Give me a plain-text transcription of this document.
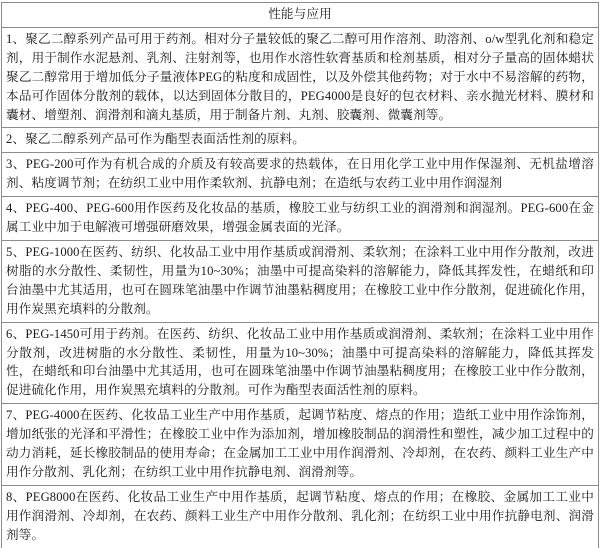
性能与应用
1、聚乙二醇系列产品可用于药剂。相对分子量较低的聚乙二醇可用作溶剂、助溶剂、o/w型乳化剂和稳定剂，用于制作水泥悬剂、乳剂、注射剂等，也用作水溶性软膏基质和栓剂基质，相对分子量高的固体蜡状聚乙二醇常用于增加低分子量液体PEG的粘度和成固性，以及外偿其他药物；对于水中不易溶解的药物，本品可作固体分散剂的载体，以达到固体分散目的，PEG4000是良好的包衣材料、亲水抛光材料、膜材和囊材、增塑剂、润滑剂和滴丸基质，用于制备片剂、丸剂、胶囊剂、微囊剂等。
2、聚乙二醇系列产品可作为酯型表面活性剂的原料。
3、PEG-200可作为有机合成的介质及有较高要求的热载体，在日用化学工业中用作保湿剂、无机盐增溶剂、粘度调节剂；在纺织工业中用作柔软剂、抗静电剂；在造纸与农药工业中用作润湿剂
4、PEG-400、PEG-600用作医药及化妆品的基质，橡胶工业与纺织工业的润滑剂和润湿剂。PEG-600在金属工业中加于电解液可增强研磨效果，增强金属表面的光泽。
5、PEG-1000在医药、纺织、化妆品工业中用作基质或润滑剂、柔软剂；在涂料工业中用作分散剂，改进树脂的水分散性、柔韧性，用量为10~30%；油墨中可提高染料的溶解能力，降低其挥发性，在蜡纸和印台油墨中尤其适用，也可在圆珠笔油墨中作调节油墨粘稠度用；在橡胶工业中作分散剂，促进硫化作用，用作炭黑充填料的分散剂。
6、PEG-1450可用于药剂。在医药、纺织、化妆品工业中用作基质或润滑剂、柔软剂；在涂料工业中用作分散剂，改进树脂的水分散性、柔韧性，用量为10~30%；油墨中可提高染料的溶解能力，降低其挥发性，在蜡纸和印台油墨中尤其适用，也可在圆珠笔油墨中作调节油墨粘稠度用；在橡胶工业中作分散剂，促进硫化作用，用作炭黑充填料的分散剂。可作为酯型表面活性剂的原料。
7、PEG-4000在医药、化妆品工业生产中用作基质，起调节粘度、熔点的作用；造纸工业中用作涂饰剂，增加纸张的光泽和平滑性；在橡胶工业中作为添加剂，增加橡胶制品的润滑性和塑性，减少加工过程中的动力消耗，延长橡胶制品的使用寿命；在金属加工工业中用作润滑剂、冷却剂，在农药、颜料工业生产中用作分散剂、乳化剂；在纺织工业中用作抗静电剂、润滑剂等。
8、PEG8000在医药、化妆品工业生产中用作基质，起调节粘度、熔点的作用；在橡胶、金属加工工业中用作润滑剂、冷却剂，在农药、颜料工业生产中用作分散剂、乳化剂；在纺织工业中用作抗静电剂、润滑剂等。
